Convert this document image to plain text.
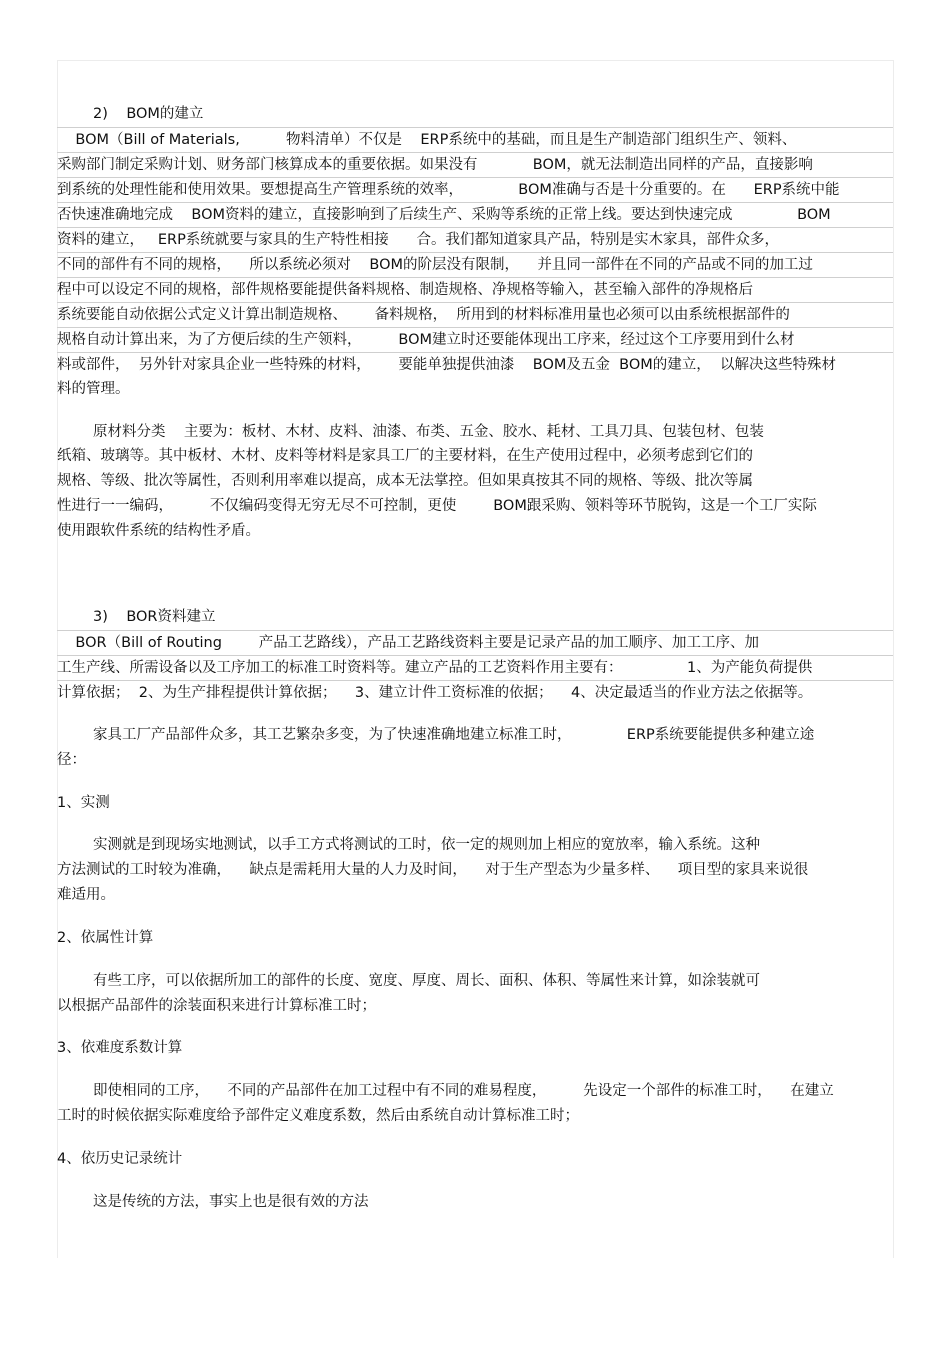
2)    BOM的建立
BOM（Bill of Materials,          物料清单）不仅是    ERP系统中的基础，而且是生产制造部门组织生产、领料、
采购部门制定采购计划、财务部门核算成本的重要依据。如果没有            BOM，就无法制造出同样的产品，直接影响
到系统的处理性能和使用效果。要想提高生产管理系统的效率，            BOM准确与否是十分重要的。在      ERP系统中能
否快速准确地完成    BOM资料的建立，直接影响到了后续生产、采购等系统的正常上线。要达到快速完成              BOM
资料的建立，   ERP系统就要与家具的生产特性相接      合。我们都知道家具产品，特别是实木家具，部件众多，
不同的部件有不同的规格，    所以系统必须对    BOM的阶层没有限制，    并且同一部件在不同的产品或不同的加工过
程中可以设定不同的规格，部件规格要能提供备料规格、制造规格、净规格等输入，甚至输入部件的净规格后
系统要能自动依据公式定义计算出制造规格、      备料规格，  所用到的材料标准用量也必须可以由系统根据部件的
规格自动计算出来，为了方便后续的生产领料，        BOM建立时还要能体现出工序来，经过这个工序要用到什么材
料或部件，  另外针对家具企业一些特殊的材料，      要能单独提供油漆    BOM及五金  BOM的建立，  以解决这些特殊材
料的管理。
原材料分类    主要为：板材、木材、皮料、油漆、布类、五金、胶水、耗材、工具刀具、包装包材、包装
纸箱、玻璃等。其中板材、木材、皮料等材料是家具工厂的主要材料，在生产使用过程中，必须考虑到它们的
规格、等级、批次等属性，否则利用率难以提高，成本无法掌控。但如果真按其不同的规格、等级、批次等属
性进行一一编码，        不仅编码变得无穷无尽不可控制，更使        BOM跟采购、领料等环节脱钩，这是一个工厂实际
使用跟软件系统的结构性矛盾。
3)    BOR资料建立
BOR（Bill of Routing        产品工艺路线），产品工艺路线资料主要是记录产品的加工顺序、加工工序、加
工生产线、所需设备以及工序加工的标准工时资料等。建立产品的工艺资料作用主要有：              1、为产能负荷提供
计算依据；  2、为生产排程提供计算依据；    3、建立计件工资标准的依据；    4、决定最适当的作业方法之依据等。
家具工厂产品部件众多，其工艺繁杂多变，为了快速准确地建立标准工时，            ERP系统要能提供多种建立途
径：
1、实测
实测就是到现场实地测试，以手工方式将测试的工时，依一定的规则加上相应的宽放率，输入系统。这种
方法测试的工时较为准确，    缺点是需耗用大量的人力及时间，    对于生产型态为少量多样、    项目型的家具来说很
难适用。
2、依属性计算
有些工序，可以依据所加工的部件的长度、宽度、厚度、周长、面积、体积、等属性来计算，如涂装就可
以根据产品部件的涂装面积来进行计算标准工时；
3、依难度系数计算
即使相同的工序，    不同的产品部件在加工过程中有不同的难易程度，        先设定一个部件的标准工时，    在建立
工时的时候依据实际难度给予部件定义难度系数，然后由系统自动计算标准工时；
4、依历史记录统计
这是传统的方法，事实上也是很有效的方法
